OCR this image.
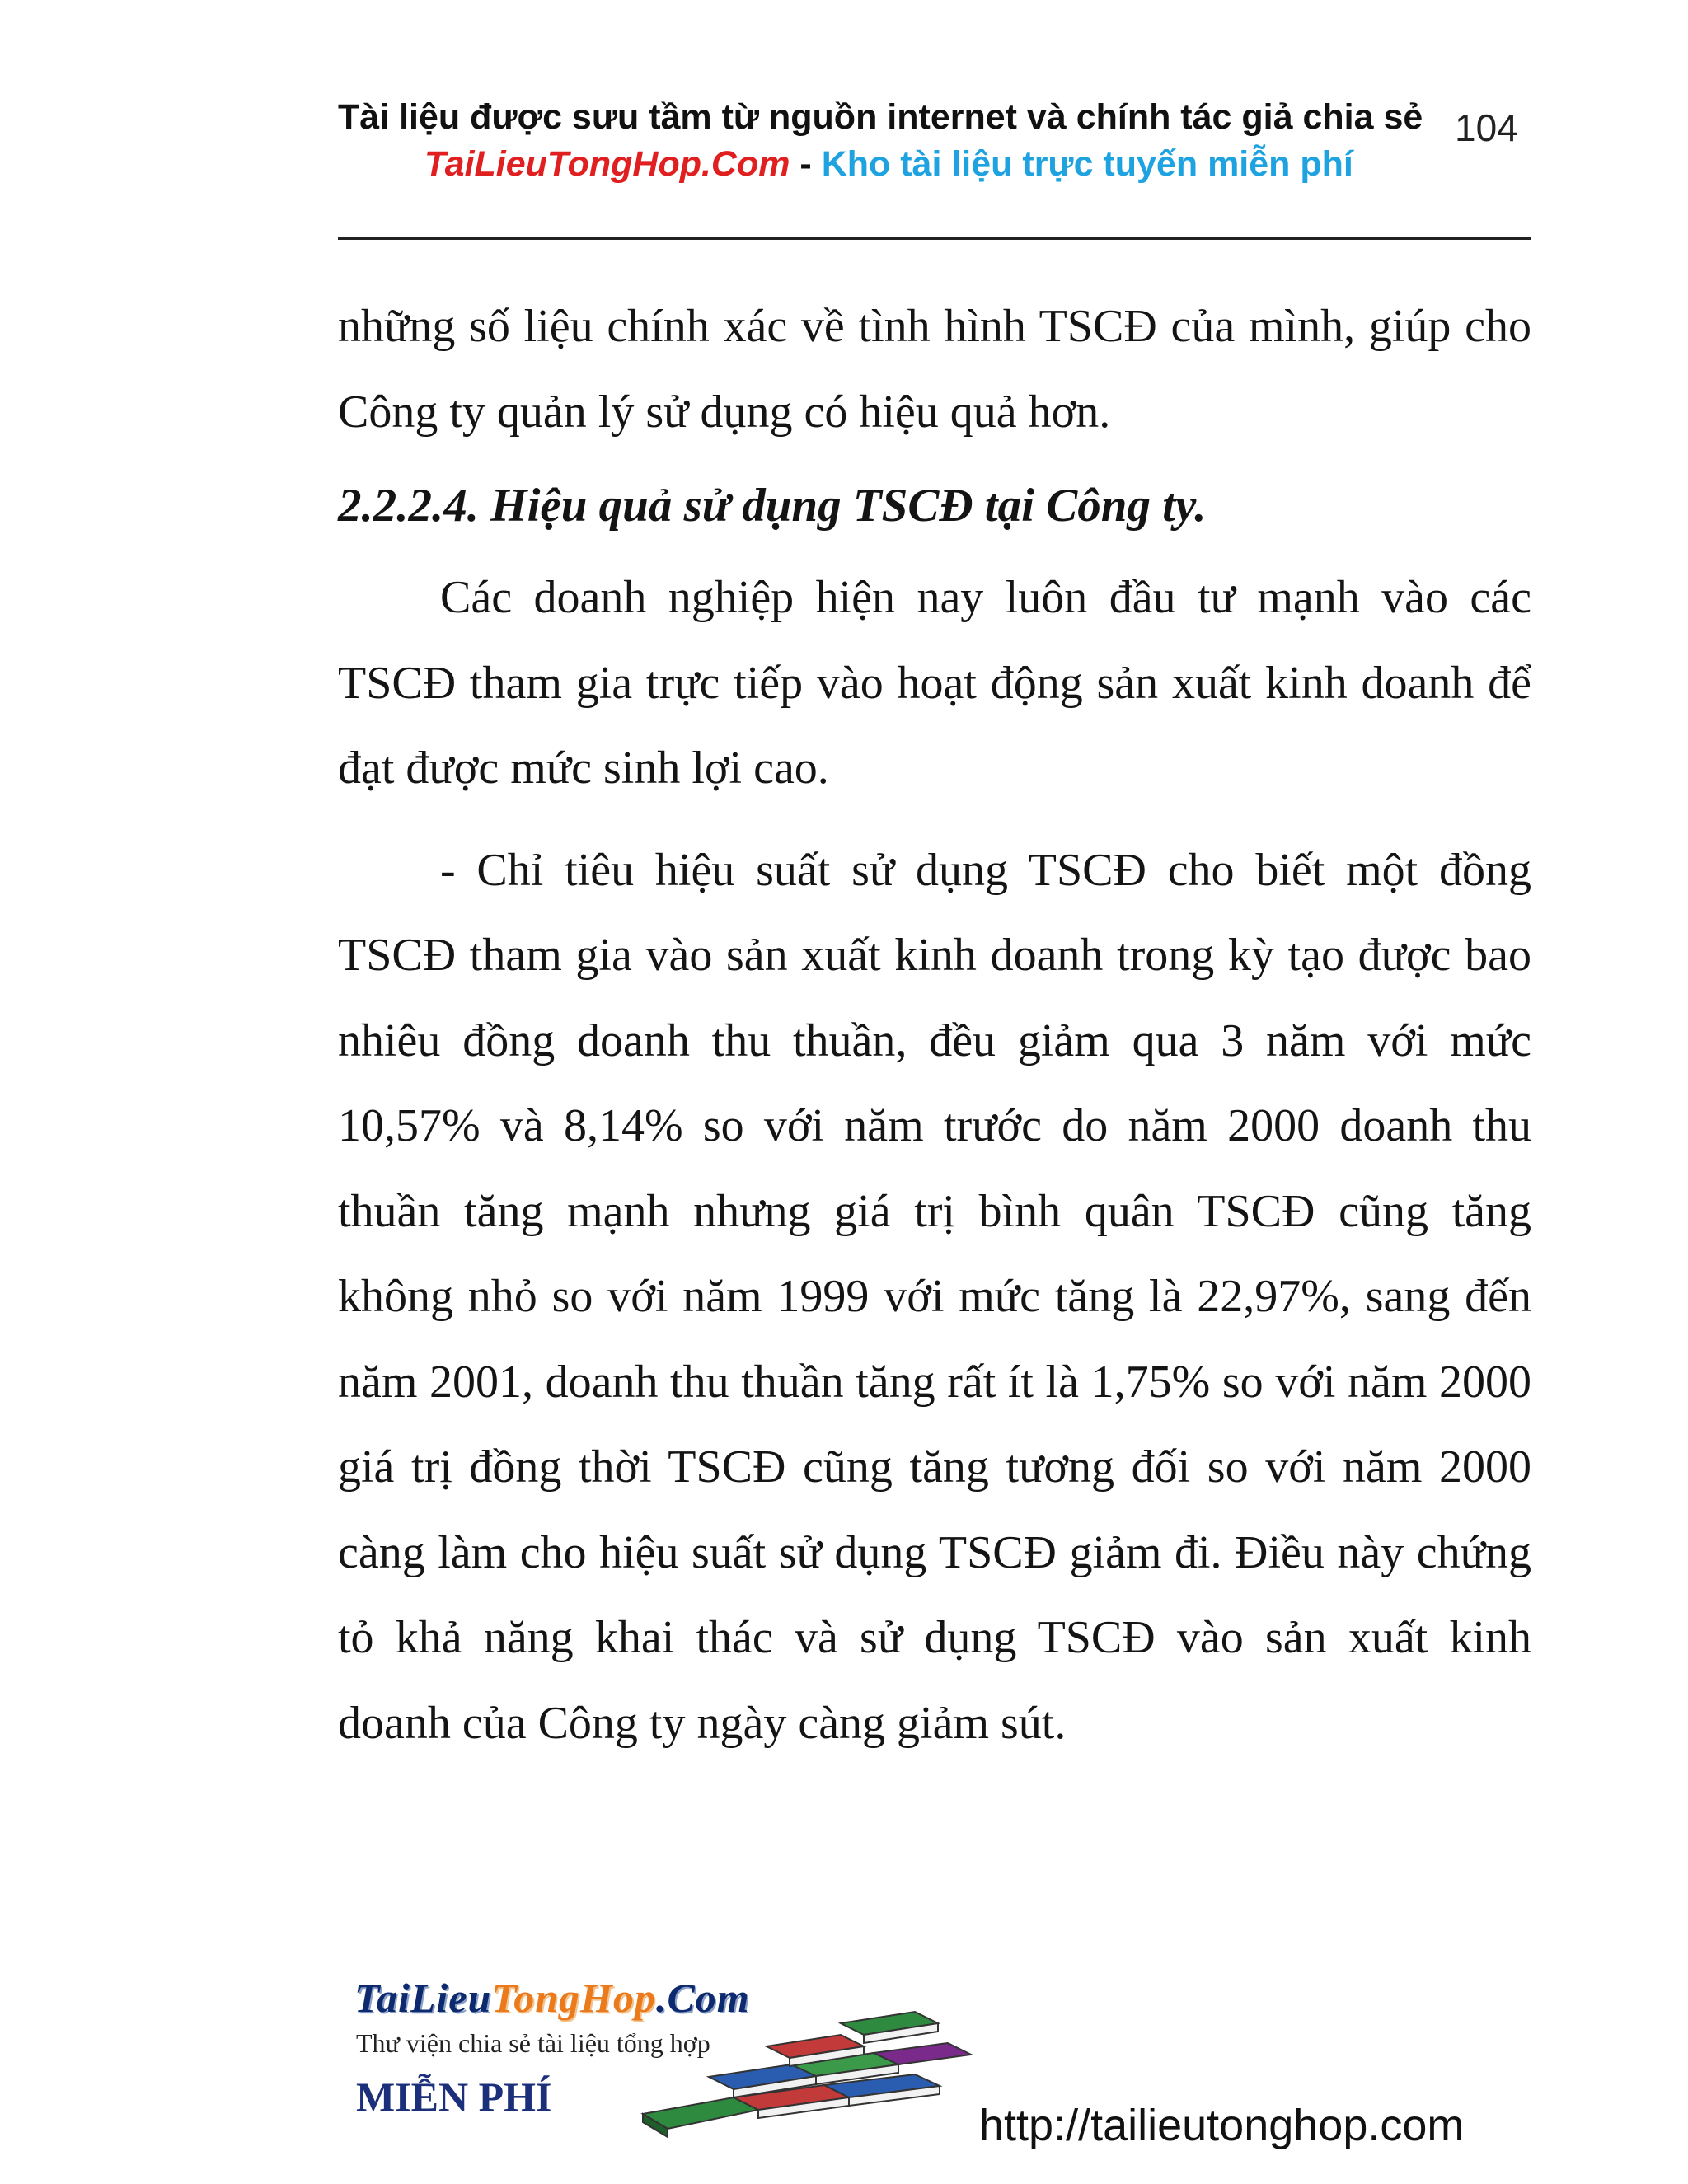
Tài liệu được sưu tầm từ nguồn internet và chính tác giả chia sẻ
TaiLieuTongHop.Com - Kho tài liệu trực tuyến miễn phí
104

những số liệu chính xác về tình hình TSCĐ của mình, giúp cho Công ty quản lý sử dụng có hiệu quả hơn.

2.2.2.4. Hiệu quả sử dụng TSCĐ tại Công ty.

Các doanh nghiệp hiện nay luôn đầu tư mạnh vào các TSCĐ tham gia trực tiếp vào hoạt động sản xuất kinh doanh để đạt được mức sinh lợi cao.

- Chỉ tiêu hiệu suất sử dụng TSCĐ cho biết một đồng TSCĐ tham gia vào sản xuất kinh doanh trong kỳ tạo được bao nhiêu đồng doanh thu thuần, đều giảm qua 3 năm với mức 10,57% và 8,14% so với năm trước do năm 2000 doanh thu thuần tăng mạnh nhưng giá trị bình quân TSCĐ cũng tăng không nhỏ so với năm 1999 với mức tăng là 22,97%, sang đến năm 2001, doanh thu thuần tăng rất ít là 1,75% so với năm 2000 giá trị đồng thời TSCĐ cũng tăng tương đối so với năm 2000 càng làm cho hiệu suất sử dụng TSCĐ giảm đi. Điều này chứng tỏ khả năng khai thác và sử dụng TSCĐ vào sản xuất kinh doanh của Công ty ngày càng giảm sút.

TaiLieuTongHop.Com
Thư viện chia sẻ tài liệu tổng hợp
MIỄN PHÍ
http://tailieutonghop.com
